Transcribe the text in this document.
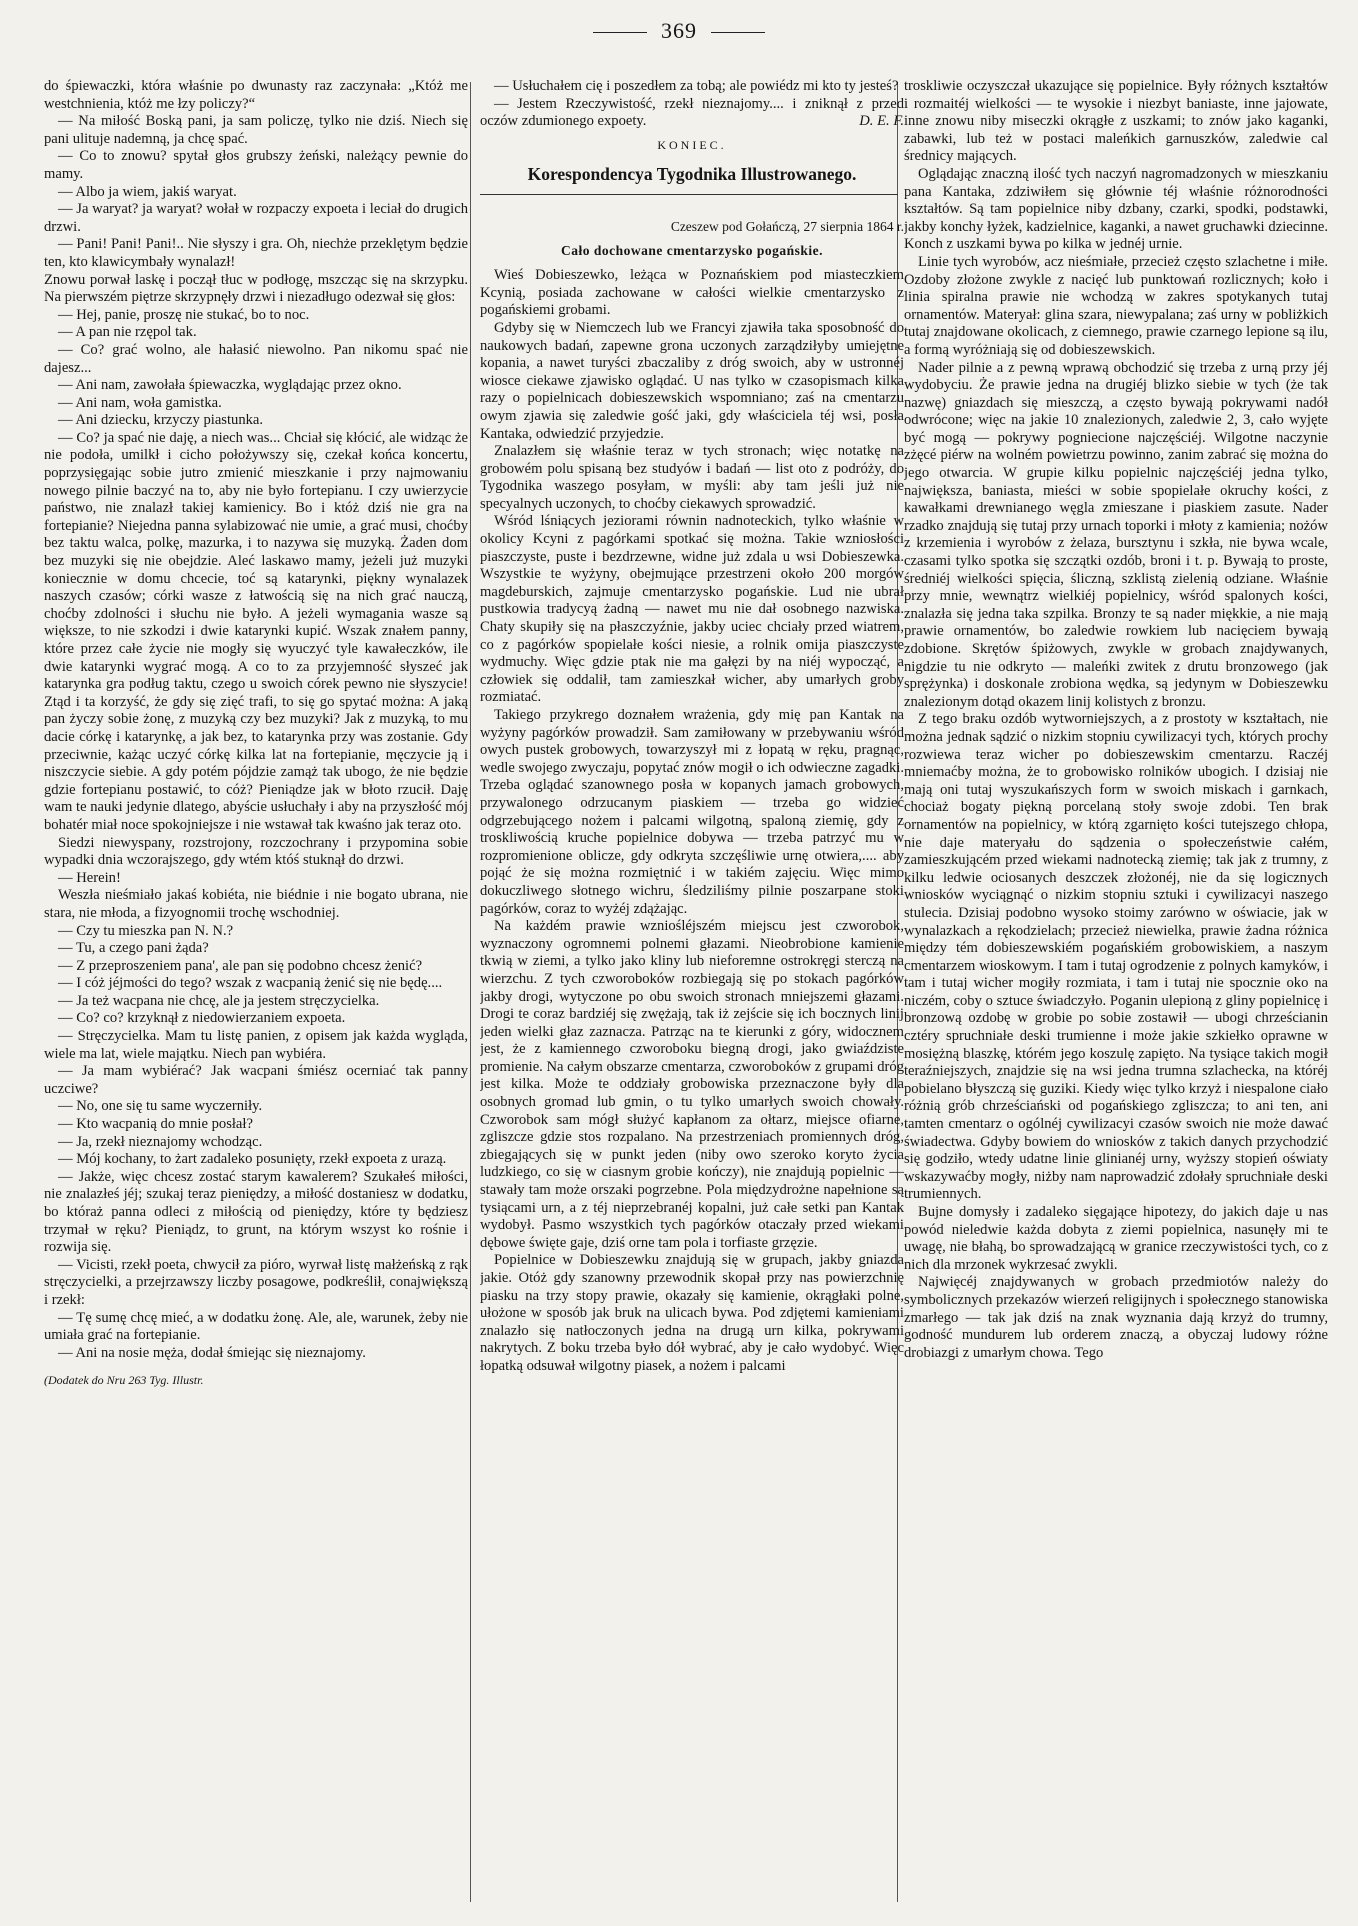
369

do śpiewaczki, która właśnie po dwunasty raz zaczynała: „Któż me westchnienia, któż me łzy policzy?“

— Na miłość Boską pani, ja sam policzę, tylko nie dziś. Niech się pani ulituje nademną, ja chcę spać.

— Co to znowu? spytał głos grubszy żeński, należący pewnie do mamy.

— Albo ja wiem, jakiś waryat.

— Ja waryat? ja waryat? wołał w rozpaczy expoeta i leciał do drugich drzwi.

— Pani! Pani! Pani!.. Nie słyszy i gra. Oh, niechże przeklętym będzie ten, kto klawicymbały wynalazł!

Znowu porwał laskę i począł tłuc w podłogę, mszcząc się na skrzypku. Na pierwszém piętrze skrzypnęły drzwi i niezadługo odezwał się głos:

— Hej, panie, proszę nie stukać, bo to noc.

— A pan nie rzępol tak.

— Co? grać wolno, ale hałasić niewolno. Pan nikomu spać nie dajesz...

— Ani nam, zawołała śpiewaczka, wyglądając przez okno.

— Ani nam, woła gamistka.

— Ani dziecku, krzyczy piastunka.

— Co? ja spać nie daję, a niech was... Chciał się kłócić, ale widząc że nie podoła, umilkł i cicho położywszy się, czekał końca koncertu, poprzysięgając sobie jutro zmienić mieszkanie i przy najmowaniu nowego pilnie baczyć na to, aby nie było fortepianu. I czy uwierzycie państwo, nie znalazł takiej kamienicy. Bo i któż dziś nie gra na fortepianie? Niejedna panna sylabizować nie umie, a grać musi, choćby bez taktu walca, polkę, mazurka, i to nazywa się muzyką. Żaden dom bez muzyki się nie obejdzie. Aleć laskawo mamy, jeżeli już muzyki koniecznie w domu chcecie, toć są katarynki, piękny wynalazek naszych czasów; córki wasze z łatwością się na nich grać nauczą, choćby zdolności i słuchu nie było. A jeżeli wymagania wasze są większe, to nie szkodzi i dwie katarynki kupić. Wszak znałem panny, które przez całe życie nie mogły się wyuczyć tyle kawałeczków, ile dwie katarynki wygrać mogą. A co to za przyjemność słyszeć jak katarynka gra podług taktu, czego u swoich córek pewno nie słyszycie! Ztąd i ta korzyść, że gdy się zięć trafi, to się go spytać można: A jaką pan życzy sobie żonę, z muzyką czy bez muzyki? Jak z muzyką, to mu dacie córkę i katarynkę, a jak bez, to katarynka przy was zostanie. Gdy przeciwnie, każąc uczyć córkę kilka lat na fortepianie, męczycie ją i niszczycie siebie. A gdy potém pójdzie zamąż tak ubogo, że nie będzie gdzie fortepianu postawić, to cóż? Pieniądze jak w błoto rzucił. Daję wam te nauki jedynie dlatego, abyście usłuchały i aby na przyszłość mój bohatér miał noce spokojniejsze i nie wstawał tak kwaśno jak teraz oto.

Siedzi niewyspany, rozstrojony, rozczochrany i przypomina sobie wypadki dnia wczorajszego, gdy wtém któś stuknął do drzwi.

— Herein!

Weszła nieśmiało jakaś kobiéta, nie biédnie i nie bogato ubrana, nie stara, nie młoda, a fizyognomii trochę wschodniej.

— Czy tu mieszka pan N. N.?

— Tu, a czego pani żąda?

— Z przeproszeniem pana', ale pan się podobno chcesz żenić?

— I cóż jéjmości do tego? wszak z wacpanią żenić się nie będę....

— Ja też wacpana nie chcę, ale ja jestem stręczycielka.

— Co? co? krzyknął z niedowierzaniem expoeta.

— Stręczycielka. Mam tu listę panien, z opisem jak każda wygląda, wiele ma lat, wiele majątku. Niech pan wybiéra.

— Ja mam wybiérać? Jak wacpani śmiész ocerniać tak panny uczciwe?

— No, one się tu same wyczerniły.

— Kto wacpanią do mnie posłał?

— Ja, rzekł nieznajomy wchodząc.

— Mój kochany, to żart zadaleko posunięty, rzekł expoeta z urazą.

— Jakże, więc chcesz zostać starym kawalerem? Szukałeś miłości, nie znalazłeś jéj; szukaj teraz pieniędzy, a miłość dostaniesz w dodatku, bo któraż panna odleci z miłością od pieniędzy, które ty będziesz trzymał w ręku? Pieniądz, to grunt, na którym wszyst ko rośnie i rozwija się.

— Vicisti, rzekł poeta, chwycił za pióro, wyrwał listę małżeńską z rąk stręczycielki, a przejrzawszy liczby posagowe, podkreślił, conajwiększą i rzekł:

— Tę sumę chcę mieć, a w dodatku żonę. Ale, ale, warunek, żeby nie umiała grać na fortepianie.

— Ani na nosie męża, dodał śmiejąc się nieznajomy.

(Dodatek do Nru 263 Tyg. Illustr.

— Usłuchałem cię i poszedłem za tobą; ale powiédz mi kto ty jesteś?

— Jestem Rzeczywistość, rzekł nieznajomy.... i zniknął z przed oczów zdumionego expoety.	D. E. F.

KONIEC.
Korespondencya Tygodnika Illustrowanego.
Czeszew pod Gołańczą, 27 sierpnia 1864 r.
Cało dochowane cmentarzysko pogańskie.

Wieś Dobieszewko, leżąca w Poznańskiem pod miasteczkiem Kcynią, posiada zachowane w całości wielkie cmentarzysko z pogańskiemi grobami.

Gdyby się w Niemczech lub we Francyi zjawiła taka sposobność do naukowych badań, zapewne grona uczonych zarządziłyby umiejętne kopania, a nawet turyści zbaczaliby z dróg swoich, aby w ustronnéj wiosce ciekawe zjawisko oglądać. U nas tylko w czasopismach kilka razy o popielnicach dobieszewskich wspomniano; zaś na cmentarzu owym zjawia się zaledwie gość jaki, gdy właściciela téj wsi, posła Kantaka, odwiedzić przyjedzie.

Znalazłem się właśnie teraz w tych stronach; więc notatkę na grobowém polu spisaną bez studyów i badań — list oto z podróży, do Tygodnika waszego posyłam, w myśli: aby tam jeśli już nie specyalnych uczonych, to choćby ciekawych sprowadzić.

Wśród lśniących jeziorami równin nadnoteckich, tylko właśnie w okolicy Kcyni z pagórkami spotkać się można. Takie wzniosłości piaszczyste, puste i bezdrzewne, widne już zdala u wsi Dobieszewka. Wszystkie te wyżyny, obejmujące przestrzeni około 200 morgów magdeburskich, zajmuje cmentarzysko pogańskie. Lud nie ubrał pustkowia tradycyą żadną — nawet mu nie dał osobnego nazwiska. Chaty skupiły się na płaszczyźnie, jakby uciec chciały przed wiatrem, co z pagórków spopielałe kości niesie, a rolnik omija piaszczyste wydmuchy. Więc gdzie ptak nie ma gałęzi by na niéj wypocząć, a człowiek się oddalił, tam zamieszkał wicher, aby umarłych groby rozmiatać.

Takiego przykrego doznałem wrażenia, gdy mię pan Kantak na wyżyny pagórków prowadził. Sam zamiłowany w przebywaniu wśród owych pustek grobowych, towarzyszył mi z łopatą w ręku, pragnąc, wedle swojego zwyczaju, popytać znów mogił o ich odwieczne zagadki. Trzeba oglądać szanownego posła w kopanych jamach grobowych, przywalonego odrzucanym piaskiem — trzeba go widzieć odgrzebującego nożem i palcami wilgotną, spaloną ziemię, gdy z troskliwością kruche popielnice dobywa — trzeba patrzyć mu w rozpromienione oblicze, gdy odkryta szczęśliwie urnę otwiera,.... aby pojąć że się można rozmiętnić i w takiém zajęciu. Więc mimo dokuczliwego słotnego wichru, śledziliśmy pilnie poszarpane stoki pagórków, coraz to wyżéj zdążając.

Na każdém prawie wzniośléjszém miejscu jest czworobok, wyznaczony ogromnemi polnemi głazami. Nieobrobione kamienie tkwią w ziemi, a tylko jako kliny lub nieforemne ostrokręgi sterczą na wierzchu. Z tych czworoboków rozbiegają się po stokach pagórków jakby drogi, wytyczone po obu swoich stronach mniejszemi głazami. Drogi te coraz bardziéj się zwężają, tak iż zejście się ich bocznych linij jeden wielki głaz zaznacza. Patrząc na te kierunki z góry, widocznem jest, że z kamiennego czworoboku biegną drogi, jako gwiaździste promienie. Na całym obszarze cmentarza, czworoboków z grupami dróg jest kilka. Może te oddziały grobowiska przeznaczone były dla osobnych gromad lub gmin, o tu tylko umarłych swoich chowały. Czworobok sam mógł służyć kapłanom za ołtarz, miejsce ofiarne, zgliszcze gdzie stos rozpalano. Na przestrzeniach promiennych dróg, zbiegających się w punkt jeden (niby owo szeroko koryto życia ludzkiego, co się w ciasnym grobie kończy), nie znajdują popielnic — stawały tam może orszaki pogrzebne. Pola międzydrożne napełnione są tysiącami urn, a z téj nieprzebranéj kopalni, już całe setki pan Kantak wydobył. Pasmo wszystkich tych pagórków otaczały przed wiekami dębowe święte gaje, dziś orne tam pola i torfiaste grzęzie.

Popielnice w Dobieszewku znajdują się w grupach, jakby gniazda jakie. Otóż gdy szanowny przewodnik skopał przy nas powierzchnię piasku na trzy stopy prawie, okazały się kamienie, okrągłaki polne, ułożone w sposób jak bruk na ulicach bywa. Pod zdjętemi kamieniami znalazło się natłoczonych jedna na drugą urn kilka, pokrywami nakrytych. Z boku trzeba było dół wybrać, aby je cało wydobyć. Więc łopatką odsuwał wilgotny piasek, a nożem i palcami

troskliwie oczyszczał ukazujące się popielnice. Były różnych kształtów i rozmaitéj wielkości — te wysokie i niezbyt baniaste, inne jajowate, inne znowu niby miseczki okrągłe z uszkami; to znów jako kaganki, zabawki, lub też w postaci maleńkich garnuszków, zaledwie cal średnicy mających.

Oglądając znaczną ilość tych naczyń nagromadzonych w mieszkaniu pana Kantaka, zdziwiłem się głównie téj właśnie różnorodności kształtów. Są tam popielnice niby dzbany, czarki, spodki, podstawki, jakby konchy łyżek, kadzielnice, kaganki, a nawet gruchawki dziecinne. Konch z uszkami bywa po kilka w jednéj urnie.

Linie tych wyrobów, acz nieśmiałe, przecież często szlachetne i miłe. Ozdoby złożone zwykle z nacięć lub punktowań rozlicznych; koło i linia spiralna prawie nie wchodzą w zakres spotykanych tutaj ornamentów. Materyał: glina szara, niewypalana; zaś urny w pobliżkich tutaj znajdowane okolicach, z ciemnego, prawie czarnego lepione są ilu, a formą wyróżniają się od dobieszewskich.

Nader pilnie a z pewną wprawą obchodzić się trzeba z urną przy jéj wydobyciu. Że prawie jedna na drugiéj blizko siebie w tych (że tak nazwę) gniazdach się mieszczą, a często bywają pokrywami nadół odwrócone; więc na jakie 10 znalezionych, zaledwie 2, 3, cało wyjęte być mogą — pokrywy pogniecione najczęściéj. Wilgotne naczynie zżęcé piérw na wolném powietrzu powinno, zanim zabrać się można do jego otwarcia. W grupie kilku popielnic najczęściéj jedna tylko, największa, baniasta, mieści w sobie spopielałe okruchy kości, z kawałkami drewnianego węgla zmieszane i piaskiem zasute. Nader rzadko znajdują się tutaj przy urnach toporki i młoty z kamienia; nożów z krzemienia i wyrobów z żelaza, bursztynu i szkła, nie bywa wcale, czasami tylko spotka się szczątki ozdób, broni i t. p. Bywają to proste, średniéj wielkości spięcia, śliczną, szklistą zielenią odziane. Właśnie przy mnie, wewnątrz wielkiéj popielnicy, wśród spalonych kości, znalazła się jedna taka szpilka. Bronzy te są nader miękkie, a nie mają prawie ornamentów, bo zaledwie rowkiem lub nacięciem bywają zdobione. Skrętów śpiżowych, zwykle w grobach znajdywanych, nigdzie tu nie odkryto — maleńki zwitek z drutu bronzowego (jak sprężynka) i doskonale zrobiona wędka, są jedynym w Dobieszewku znalezionym dotąd okazem linij kolistych z bronzu.

Z tego braku ozdób wytworniejszych, a z prostoty w kształtach, nie można jednak sądzić o nizkim stopniu cywilizacyi tych, których prochy rozwiewa teraz wicher po dobieszewskim cmentarzu. Raczéj mniemaćby można, że to grobowisko rolników ubogich. I dzisiaj nie mają oni tutaj wyszukańszych form w swoich miskach i garnkach, chociaż bogaty piękną porcelaną stoły swoje zdobi. Ten brak ornamentów na popielnicy, w którą zgarnięto kości tutejszego chłopa, nie daje materyału do sądzenia o społeczeństwie całém, zamieszkującém przed wiekami nadnotecką ziemię; tak jak z trumny, z kilku ledwie ociosanych deszczek złożonéj, nie da się logicznych wniosków wyciągnąć o nizkim stopniu sztuki i cywilizacyi naszego stulecia. Dzisiaj podobno wysoko stoimy zarówno w oświacie, jak w wynalazkach a rękodzielach; przecież niewielka, prawie żadna różnica między tém dobieszewskiém pogańskiém grobowiskiem, a naszym cmentarzem wioskowym. I tam i tutaj ogrodzenie z polnych kamyków, i tam i tutaj wicher mogiły rozmiata, i tam i tutaj nie spocznie oko na niczém, coby o sztuce świadczyło. Poganin ulepioną z gliny popielnicę i bronzową ozdobę w grobie po sobie zostawił — ubogi chrześcianin cztéry spruchniałe deski trumienne i może jakie szkiełko oprawne w mosiężną blaszkę, którém jego koszulę zapięto. Na tysiące takich mogił teraźniejszych, znajdzie się na wsi jedna trumna szlachecka, na któréj pobielano błyszczą się guziki. Kiedy więc tylko krzyż i niespalone ciało różnią grób chrześciański od pogańskiego zgliszcza; to ani ten, ani tamten cmentarz o ogólnéj cywilizacyi czasów swoich nie może dawać świadectwa. Gdyby bowiem do wniosków z takich danych przychodzić się godziło, wtedy udatne linie glinianéj urny, wyższy stopień oświaty wskazywaćby mogły, niżby nam naprowadzić zdołały spruchniałe deski trumiennych.

Bujne domysły i zadaleko sięgające hipotezy, do jakich daje u nas powód nieledwie każda dobyta z ziemi popielnica, nasunęły mi te uwagę, nie błahą, bo sprowadzającą w granice rzeczywistości tych, co z nich dla mrzonek wykrzesać zwykli.

Najwięcéj znajdywanych w grobach przedmiotów należy do symbolicznych przekazów wierzeń religijnych i społecznego stanowiska zmarłego — tak jak dziś na znak wyznania dają krzyż do trumny, godność mundurem lub orderem znaczą, a obyczaj ludowy różne drobiazgi z umarłym chowa. Tego
